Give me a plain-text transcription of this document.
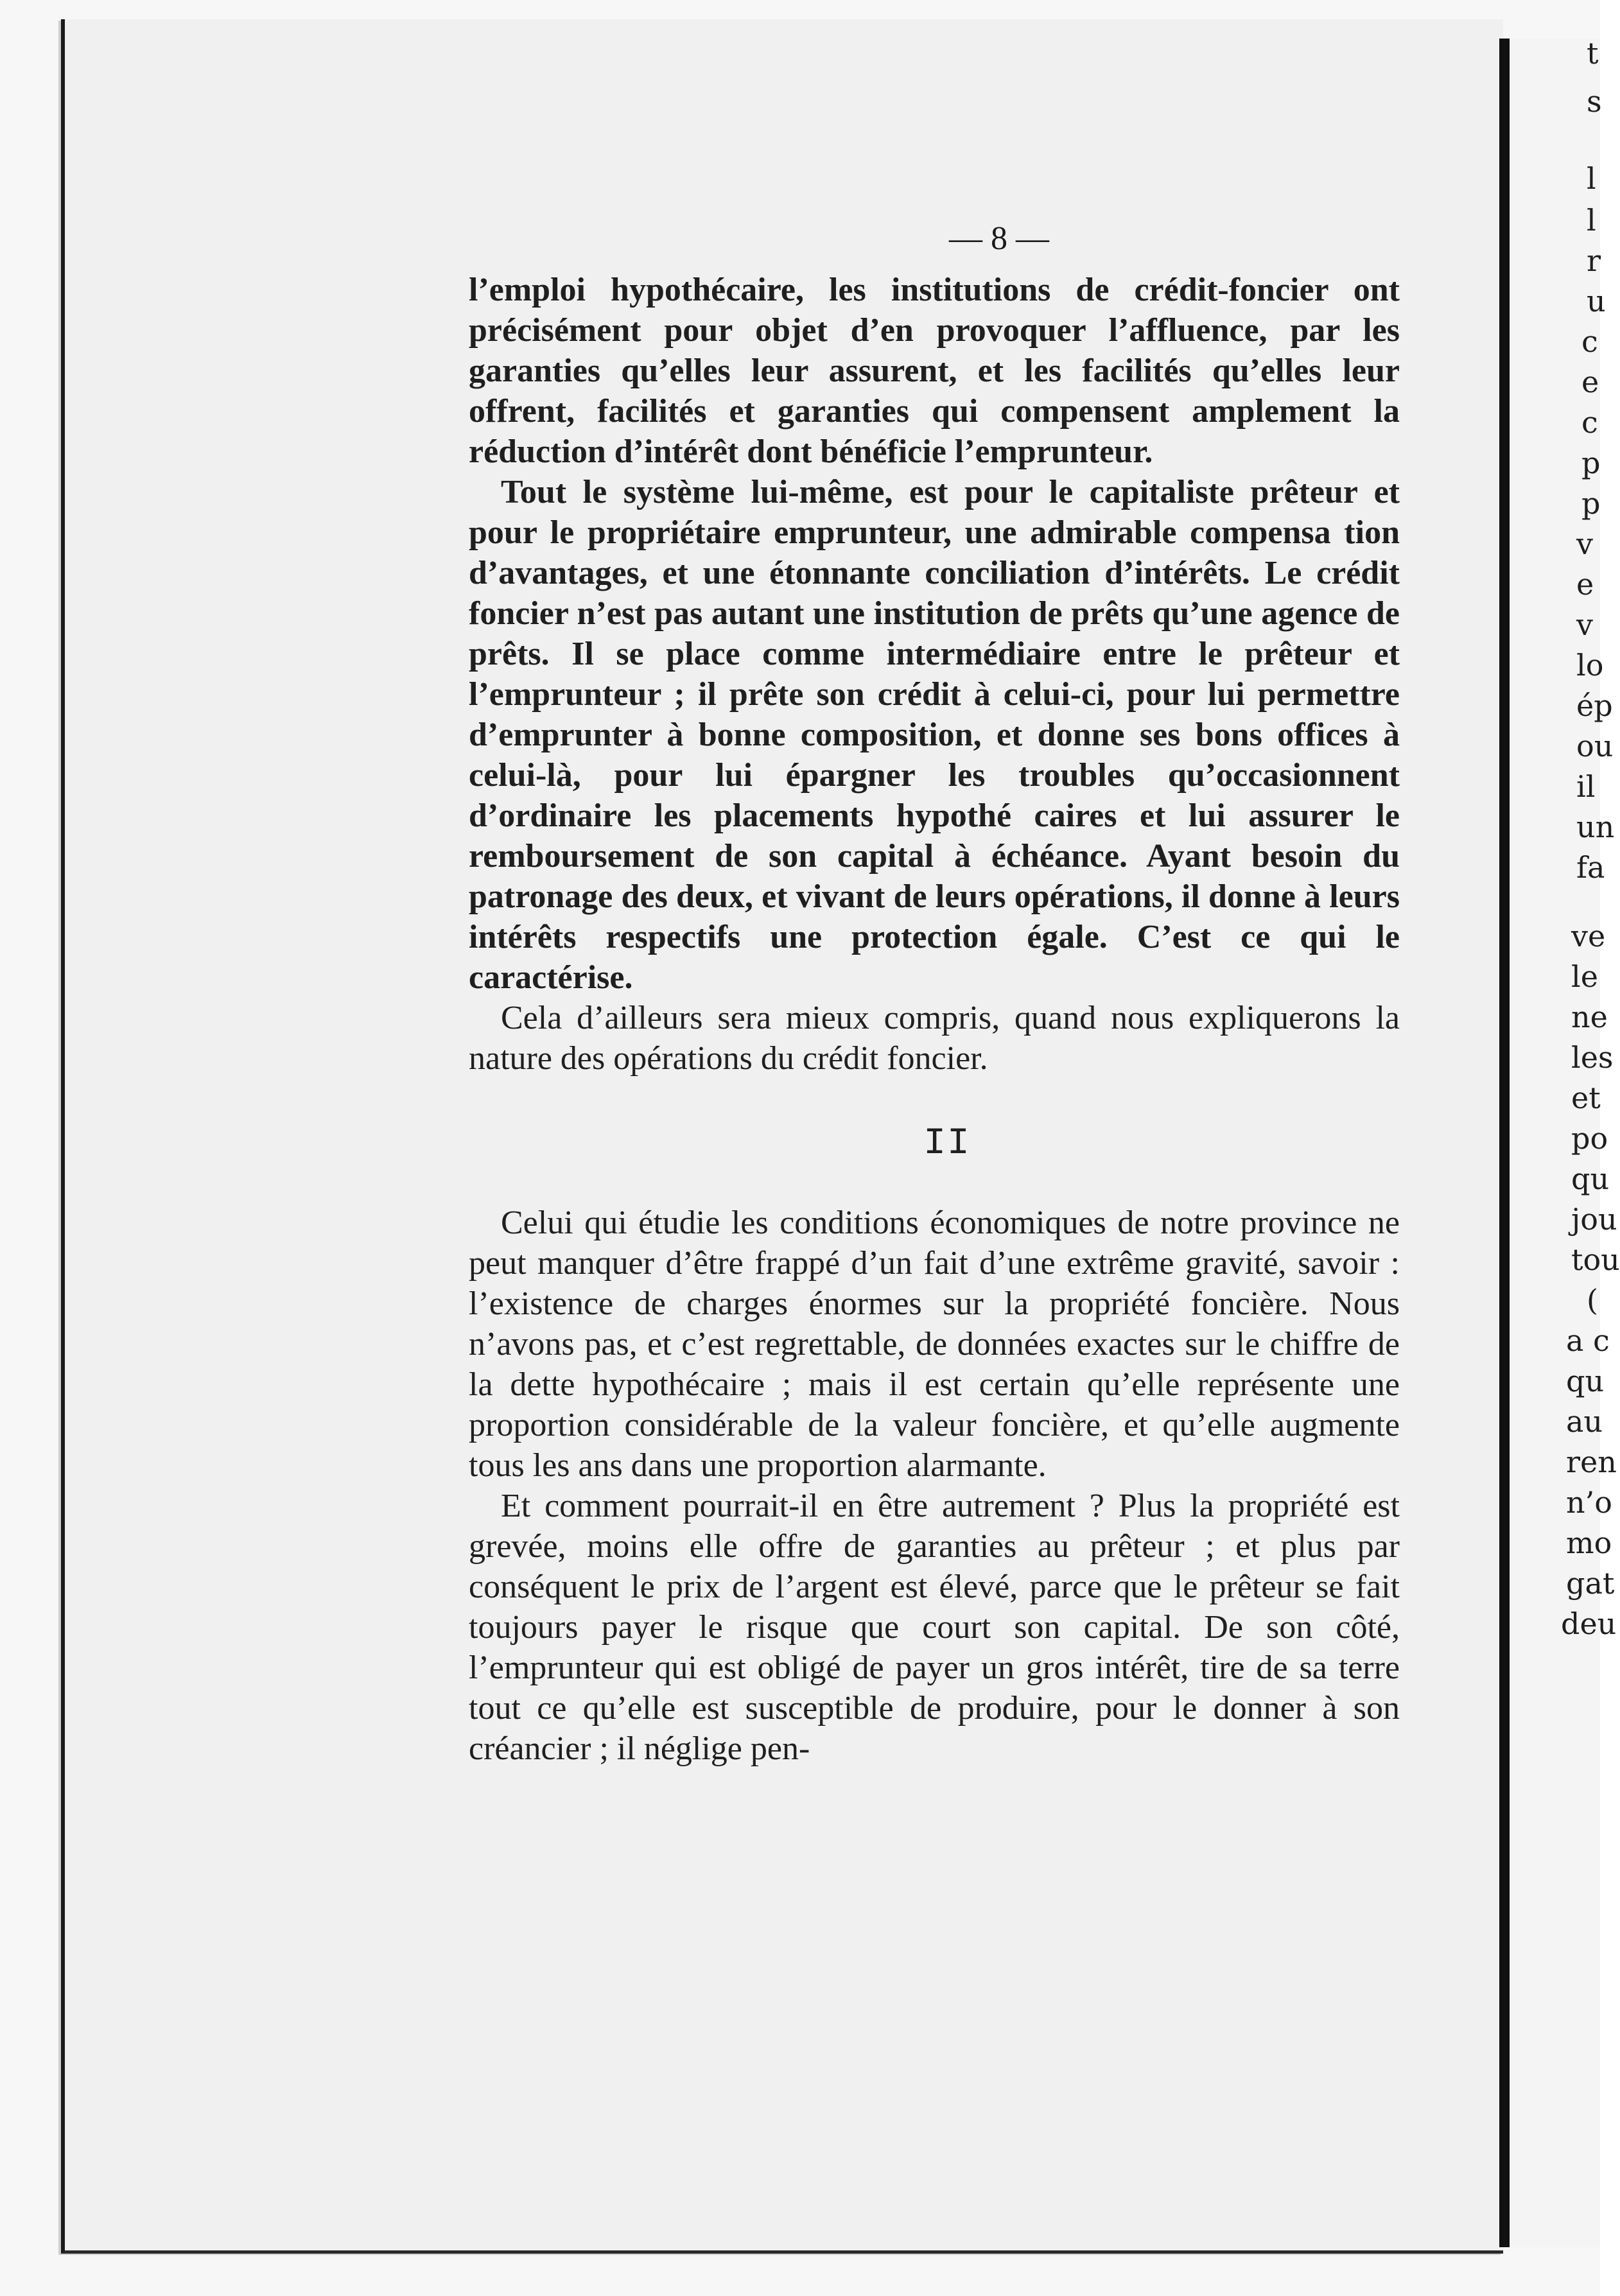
— 8 —

l’emploi hypothécaire, les institutions de crédit-foncier ont précisément pour objet d’en provoquer l’affluence, par les garanties qu’elles leur assurent, et les facilités qu’elles leur offrent, facilités et garanties qui compensent amplement la réduction d’intérêt dont bénéficie l’emprunteur.

Tout le système lui-même, est pour le capitaliste prêteur et pour le propriétaire emprunteur, une admirable compensa tion d’avantages, et une étonnante conciliation d’intérêts. Le crédit foncier n’est pas autant une institution de prêts qu’une agence de prêts. Il se place comme intermédiaire entre le prêteur et l’emprunteur ; il prête son crédit à celui-ci, pour lui permettre d’emprunter à bonne composition, et donne ses bons offices à celui-là, pour lui épargner les troubles qu’occasionnent d’ordinaire les placements hypothé caires et lui assurer le remboursement de son capital à échéance. Ayant besoin du patronage des deux, et vivant de leurs opérations, il donne à leurs intérêts respectifs une protection égale. C’est ce qui le caractérise.

Cela d’ailleurs sera mieux compris, quand nous expliquerons la nature des opérations du crédit foncier.

II

Celui qui étudie les conditions économiques de notre province ne peut manquer d’être frappé d’un fait d’une extrême gravité, savoir : l’existence de charges énormes sur la propriété foncière. Nous n’avons pas, et c’est regrettable, de données exactes sur le chiffre de la dette hypothécaire ; mais il est certain qu’elle représente une proportion considérable de la valeur foncière, et qu’elle augmente tous les ans dans une proportion alarmante.

Et comment pourrait-il en être autrement ? Plus la propriété est grevée, moins elle offre de garanties au prêteur ; et plus par conséquent le prix de l’argent est élevé, parce que le prêteur se fait toujours payer le risque que court son capital. De son côté, l’emprunteur qui est obligé de payer un gros intérêt, tire de sa terre tout ce qu’elle est susceptible de produire, pour le donner à son créancier ; il néglige pen-

t
s
l
l
r
u
c
e
c
p
p
v
e
v
lo
ép
ou
il
un
fa
ve
le
ne
les
et
po
qu
jou
tou
(
a c
qu
au
ren
n’o
mo
gat
deu
